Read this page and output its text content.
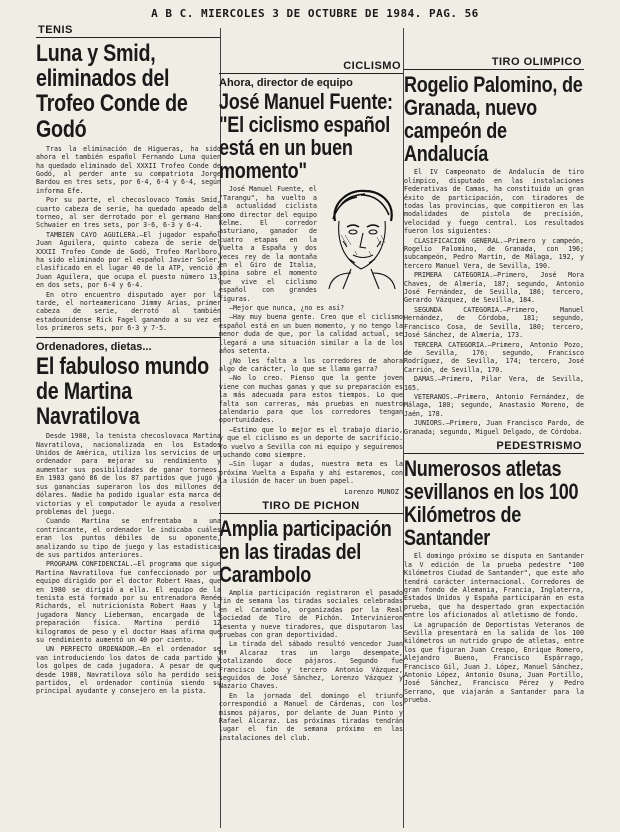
A B C. MIERCOLES 3 DE OCTUBRE DE 1984. PAG. 56
TENIS
Luna y Smid, eliminados del Trofeo Conde de Godó

Tras la eliminación de Higueras, ha sido ahora el también español Fernando Luna quien ha quedado eliminado del XXXII Trofeo Conde de Godó, al perder ante su compatriota Jorge Bardou en tres sets, por 6-4, 6-4 y 6-4, según informa Efe.

Por su parte, el checoslovaco Tomás Smid, cuarto cabeza de serie, ha quedado apeado del torneo, al ser derrotado por el germano Hans Schwaier en tres sets, por 3-6, 6-3 y 6-4.

TAMBIEN CAYO AGUILERA.—El jugador español Juan Aguilera, quinto cabeza de serie del XXXII Trofeo Conde de Godó, Trofeo Marlboro, ha sido eliminado por el español Javier Soler, clasificado en el lugar 40 de la ATP, venció a Juan Aguilera, que ocupa el puesto número 13, en dos sets, por 6-4 y 6-4.

En otro encuentro disputado ayer por la tarde, el norteamericano Jimmy Arias, primer cabeza de serie, derrotó al también estadounidense Rick Fagel ganando a su vez en los primeros sets, por 6-3 y 7-5.

Ordenadores, dietas...
El fabuloso mundo de Martina Navratilova

Desde 1980, la tenista checoslovaca Martina Navratilova, nacionalizada en los Estados Unidos de América, utiliza los servicios de un ordenador para mejorar su rendimiento y aumentar sus posibilidades de ganar torneos. En 1983 ganó 86 de los 87 partidos que jugó y sus ganancias superaron los dos millones de dólares. Nadie ha podido igualar esta marca de victorias y el computador le ayuda a resolver problemas del juego.

Cuando Martina se enfrentaba a una contrincante, el ordenador le indicaba cuáles eran los puntos débiles de su oponente, analizando su tipo de juego y las estadísticas de sus partidos anteriores.

PROGRAMA CONFIDENCIAL.—El programa que sigue Martina Navratilova fue confeccionado por un equipo dirigido por el doctor Robert Haas, que en 1980 se dirigió a ella. El equipo de la tenista está formado por su entrenadora Renée Richards, el nutricionista Robert Haas y la jugadora Nancy Lieberman, encargada de la preparación física. Martina perdió 12 kilogramos de peso y el doctor Haas afirma que su rendimiento aumentó un 40 por ciento.

UN PERFECTO ORDENADOR.—En el ordenador se van introduciendo los datos de cada partido y los golpes de cada jugadora. A pesar de que desde 1980, Navratilova sólo ha perdido seis partidos, el ordenador continúa siendo su principal ayudante y consejero en la pista.

CICLISMO
Ahora, director de equipo
José Manuel Fuente: "El ciclismo español está en un buen momento"

José Manuel Fuente, el "Tarangu", ha vuelto a la actualidad ciclista como director del equipo Kelme. El corredor asturiano, ganador de cuatro etapas en la Vuelta a España y dos veces rey de la montaña en el Giro de Italia, opina sobre el momento que vive el ciclismo español con grandes figuras.

—Mejor que nunca, ¿no es así?

—Hay muy buena gente. Creo que el ciclismo español está en un buen momento, y no tengo la menor duda de que, por la calidad actual, se llegará a una situación similar a la de los años setenta.

¿No les falta a los corredores de ahora algo de carácter, lo que se llama garra?

—No lo creo. Pienso que la gente joven viene con muchas ganas y que su preparación es la más adecuada para estos tiempos. Lo que falta son carreras, más pruebas en nuestro calendario para que los corredores tengan oportunidades.

—Estimo que lo mejor es el trabajo diario, y que el ciclismo es un deporte de sacrificio. Yo vuelvo a Sevilla con mi equipo y seguiremos luchando como siempre.

—Sin lugar a dudas, nuestra meta es la próxima Vuelta a España y ahí estaremos, con la ilusión de hacer un buen papel.

Lorenzo MUNOZ
TIRO DE PICHON
Amplia participación en las tiradas del Carambolo

Amplia participación registraron el pasado fin de semana las tiradas sociales celebradas en el Carambolo, organizadas por la Real Sociedad de Tiro de Pichón. Intervinieron sesenta y nueve tiradores, que disputaron las pruebas con gran deportividad.

La tirada del sábado resultó vencedor Juan Mª Alcaraz tras un largo desempate, totalizando doce pájaros. Segundo fue Francisco Lobo y tercero Antonio Vázquez, seguidos de José Sánchez, Lorenzo Vázquez y Nazario Chaves.

En la jornada del domingo el triunfo correspondió a Manuel de Cárdenas, con los mismos pájaros, por delante de Juan Pinto y Rafael Alcaraz. Las próximas tiradas tendrán lugar el fin de semana próximo en las instalaciones del club.

TIRO OLIMPICO
Rogelio Palomino, de Granada, nuevo campeón de Andalucía

El IV Campeonato de Andalucía de tiro olímpico, disputado en las instalaciones Federativas de Camas, ha constituido un gran éxito de participación, con tiradores de todas las provincias, que compitieron en las modalidades de pistola de precisión, velocidad y fuego central. Los resultados fueron los siguientes:

CLASIFICACION GENERAL.—Primero y campeón, Rogelio Palomino, de Granada, con 196; subcampeón, Pedro Martín, de Málaga, 192, y tercero Manuel Vera, de Sevilla, 190.

PRIMERA CATEGORIA.—Primero, José Mora Chaves, de Almería, 187; segundo, Antonio José Fernández, de Sevilla, 186; tercero, Gerardo Vázquez, de Sevilla, 184.

SEGUNDA CATEGORIA.—Primero, Manuel Hernández, de Córdoba, 181; segundo, Francisco Cosa, de Sevilla, 180; tercero, José Sánchez, de Almería, 173.

TERCERA CATEGORIA.—Primero, Antonio Pozo, de Sevilla, 176; segundo, Francisco Rodríguez, de Sevilla, 174; tercero, José Carrión, de Sevilla, 170.

DAMAS.—Primero, Pilar Vera, de Sevilla, 165.

VETERANOS.—Primero, Antonio Fernández, de Málaga, 180; segundo, Anastasio Moreno, de Jaén, 178.

JUNIORS.—Primero, Juan Francisco Pardo, de Granada; segundo, Miguel Delgado, de Córdoba.

PEDESTRISMO
Numerosos atletas sevillanos en los 100 Kilómetros de Santander

El domingo próximo se disputa en Santander la V edición de la prueba pedestre "100 Kilómetros Ciudad de Santander", que este año tendrá carácter internacional. Corredores de gran fondo de Alemania, Francia, Inglaterra, Estados Unidos y España participarán en esta prueba, que ha despertado gran expectación entre los aficionados al atletismo de fondo.

La agrupación de Deportistas Veteranos de Sevilla presentará en la salida de los 100 kilómetros un nutrido grupo de atletas, entre los que figuran Juan Crespo, Enrique Romero, Alejandro Bueno, Francisco Espárrago, Francisco Gil, Juan J. López, Manuel Sánchez, Antonio López, Antonio Osuna, Juan Portillo, José Sánchez, Francisco Pérez y Pedro Serrano, que viajarán a Santander para la prueba.
